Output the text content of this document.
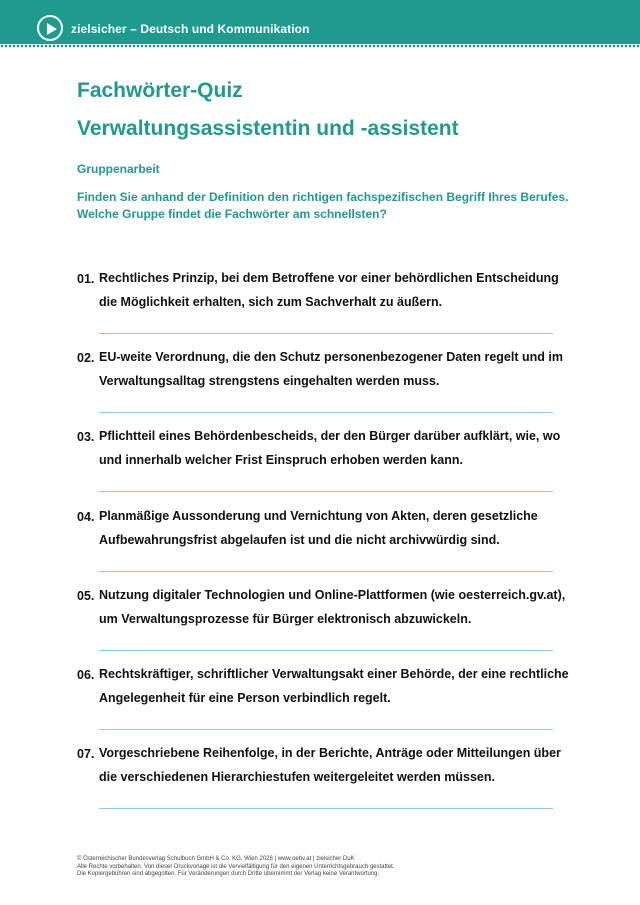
zielsicher – Deutsch und Kommunikation
Fachwörter-Quiz
Verwaltungsassistentin und -assistent
Gruppenarbeit
Finden Sie anhand der Definition den richtigen fachspezifischen Begriff Ihres Berufes. Welche Gruppe findet die Fachwörter am schnellsten?
01. Rechtliches Prinzip, bei dem Betroffene vor einer behördlichen Entscheidung die Möglichkeit erhalten, sich zum Sachverhalt zu äußern.
02. EU-weite Verordnung, die den Schutz personenbezogener Daten regelt und im Verwaltungsalltag strengstens eingehalten werden muss.
03. Pflichtteil eines Behördenbescheids, der den Bürger darüber aufklärt, wie, wo und innerhalb welcher Frist Einspruch erhoben werden kann.
04. Planmäßige Aussonderung und Vernichtung von Akten, deren gesetzliche Aufbewahrungsfrist abgelaufen ist und die nicht archivwürdig sind.
05. Nutzung digitaler Technologien und Online-Plattformen (wie oesterreich.gv.at), um Verwaltungsprozesse für Bürger elektronisch abzuwickeln.
06. Rechtskräftiger, schriftlicher Verwaltungsakt einer Behörde, der eine rechtliche Angelegenheit für eine Person verbindlich regelt.
07. Vorgeschriebene Reihenfolge, in der Berichte, Anträge oder Mitteilungen über die verschiedenen Hierarchiestufen weitergeleitet werden müssen.
© Österreichischer Bundesverlag Schulbuch GmbH & Co. KG, Wien 2026 | www.oebv.at | zielsicher DuK
Alle Rechte vorbehalten. Von dieser Druckvorlage ist die Vervielfältigung für den eigenen Unterrichtsgebrauch gestattet.
Die Kopiergebühren sind abgegolten. Für Veränderungen durch Dritte übernimmt der Verlag keine Verantwortung.
